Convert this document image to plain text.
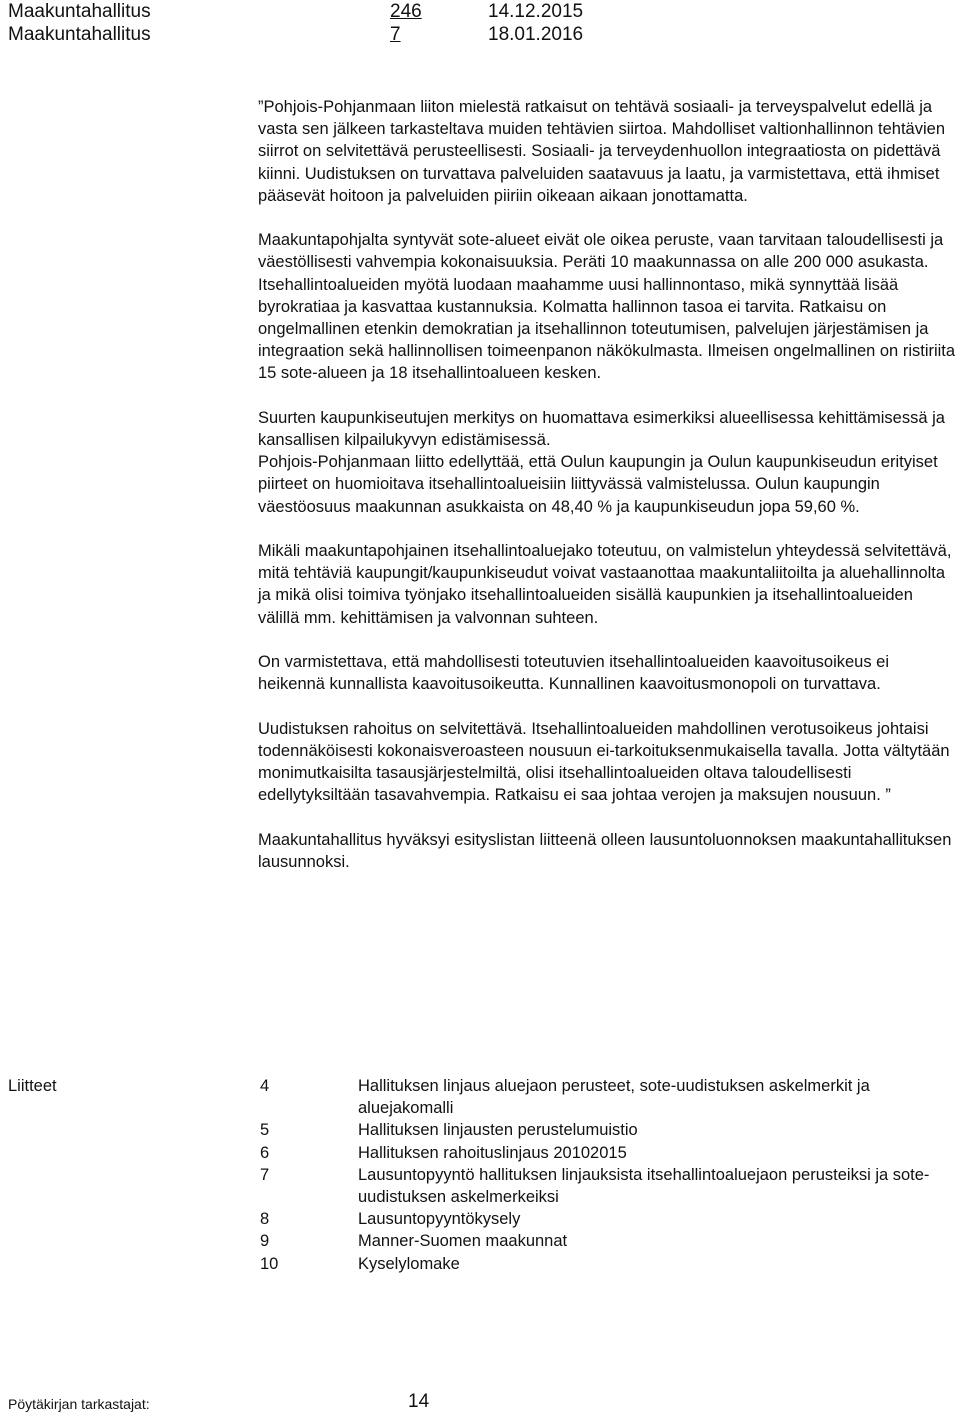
Maakuntahallitus	246	14.12.2015
Maakuntahallitus	7	18.01.2016

”Pohjois-Pohjanmaan liiton mielestä ratkaisut on tehtävä sosiaali- ja terveyspalvelut edellä ja vasta sen jälkeen tarkasteltava muiden tehtävien siirtoa. Mahdolliset valtionhallinnon tehtävien siirrot on selvitettävä perusteellisesti. Sosiaali- ja terveydenhuollon integraatiosta on pidettävä kiinni. Uudistuksen on turvattava palveluiden saatavuus ja laatu, ja varmistettava, että ihmiset pääsevät hoitoon ja palveluiden piiriin oikeaan aikaan jonottamatta.

Maakuntapohjalta syntyvät sote-alueet eivät ole oikea peruste, vaan tarvitaan taloudellisesti ja väestöllisesti vahvempia kokonaisuuksia. Peräti 10 maakunnassa on alle 200 000 asukasta. Itsehallintoalueiden myötä luodaan maahamme uusi hallinnontaso, mikä synnyttää lisää byrokratiaa ja kasvattaa kustannuksia. Kolmatta hallinnon tasoa ei tarvita. Ratkaisu on ongelmallinen etenkin demokratian ja itsehallinnon toteutumisen, palvelujen järjestämisen ja integraation sekä hallinnollisen toimeenpanon näkökulmasta. Ilmeisen ongelmallinen on ristiriita 15 sote-alueen ja 18 itsehallintoalueen kesken.

Suurten kaupunkiseutujen merkitys on huomattava esimerkiksi alueellisessa kehittämisessä ja kansallisen kilpailukyvyn edistämisessä.

Pohjois-Pohjanmaan liitto edellyttää, että Oulun kaupungin ja Oulun kaupunkiseudun erityiset piirteet on huomioitava itsehallintoalueisiin liittyvässä valmistelussa. Oulun kaupungin väestöosuus maakunnan asukkaista on 48,40 % ja kaupunkiseudun jopa 59,60 %.

Mikäli maakuntapohjainen itsehallintoaluejako toteutuu, on valmistelun yhteydessä selvitettävä, mitä tehtäviä kaupungit/kaupunkiseudut voivat vastaanottaa maakuntaliitoilta ja aluehallinnolta ja mikä olisi toimiva työnjako itsehallintoalueiden sisällä kaupunkien ja itsehallintoalueiden välillä mm. kehittämisen ja valvonnan suhteen.

On varmistettava, että mahdollisesti toteutuvien itsehallintoalueiden kaavoitusoikeus ei heikennä kunnallista kaavoitusoikeutta. Kunnallinen kaavoitusmonopoli on turvattava.

Uudistuksen rahoitus on selvitettävä. Itsehallintoalueiden mahdollinen verotusoikeus johtaisi todennäköisesti kokonaisveroasteen nousuun ei-tarkoituksenmukaisella tavalla. Jotta vältytään monimutkaisilta tasausjärjestelmiltä, olisi itsehallintoalueiden oltava taloudellisesti edellytyksiltään tasavahvempia. Ratkaisu ei saa johtaa verojen ja maksujen nousuun. ”

Maakuntahallitus hyväksyi esityslistan liitteenä olleen lausuntoluonnoksen maakuntahallituksen lausunnoksi.

Liitteet	4	Hallituksen linjaus aluejaon perusteet, sote-uudistuksen askelmerkit ja aluejakomalli
5	Hallituksen linjausten perustelumuistio
6	Hallituksen rahoituslinjaus 20102015
7	Lausuntopyyntö hallituksen linjauksista itsehallintoaluejaon perusteiksi ja sote-uudistuksen askelmerkeiksi
8	Lausuntopyyntökysely
9	Manner-Suomen maakunnat
10	Kyselylomake
Pöytäkirjan tarkastajat:	14
